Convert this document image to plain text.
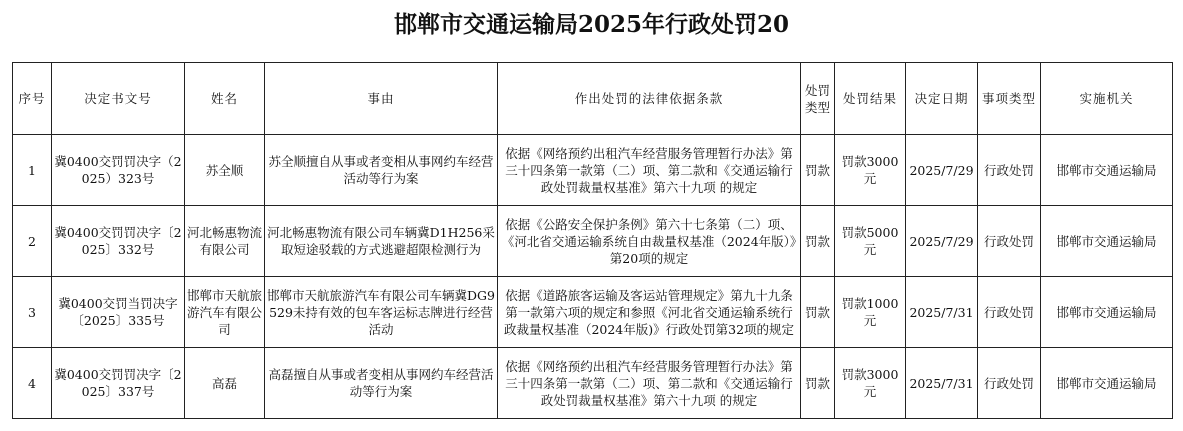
邯郸市交通运输局2025年行政处罚20
序号	决定书文号	姓名	事由	作出处罚的法律依据条款	处罚类型	处罚结果	决定日期	事项类型	实施机关
1	冀0400交罚罚决字（2025）323号	苏全顺	苏全顺擅自从事或者变相从事网约车经营活动等行为案	依据《网络预约出租汽车经营服务管理暂行办法》第三十四条第一款第（二）项、第二款和《交通运输行政处罚裁量权基准》第六十九项 的规定	罚款	罚款3000元	2025/7/29	行政处罚	邯郸市交通运输局
2	冀0400交罚罚决字〔2025〕332号	河北畅惠物流有限公司	河北畅惠物流有限公司车辆冀D1H256采取短途驳载的方式逃避超限检测行为	依据《公路安全保护条例》第六十七条第（二）项、《河北省交通运输系统自由裁量权基准（2024年版）》第20项的规定	罚款	罚款5000元	2025/7/29	行政处罚	邯郸市交通运输局
3	冀0400交罚当罚决字〔2025〕335号	邯郸市天航旅游汽车有限公司	邯郸市天航旅游汽车有限公司车辆冀DG9529未持有效的包车客运标志牌进行经营活动	依据《道路旅客运输及客运站管理规定》第九十九条第一款第六项的规定和参照《河北省交通运输系统行政裁量权基准（2024年版)》行政处罚第32项的规定	罚款	罚款1000元	2025/7/31	行政处罚	邯郸市交通运输局
4	冀0400交罚罚决字〔2025〕337号	高磊	高磊擅自从事或者变相从事网约车经营活动等行为案	依据《网络预约出租汽车经营服务管理暂行办法》第三十四条第一款第（二）项、第二款和《交通运输行政处罚裁量权基准》第六十九项 的规定	罚款	罚款3000元	2025/7/31	行政处罚	邯郸市交通运输局
